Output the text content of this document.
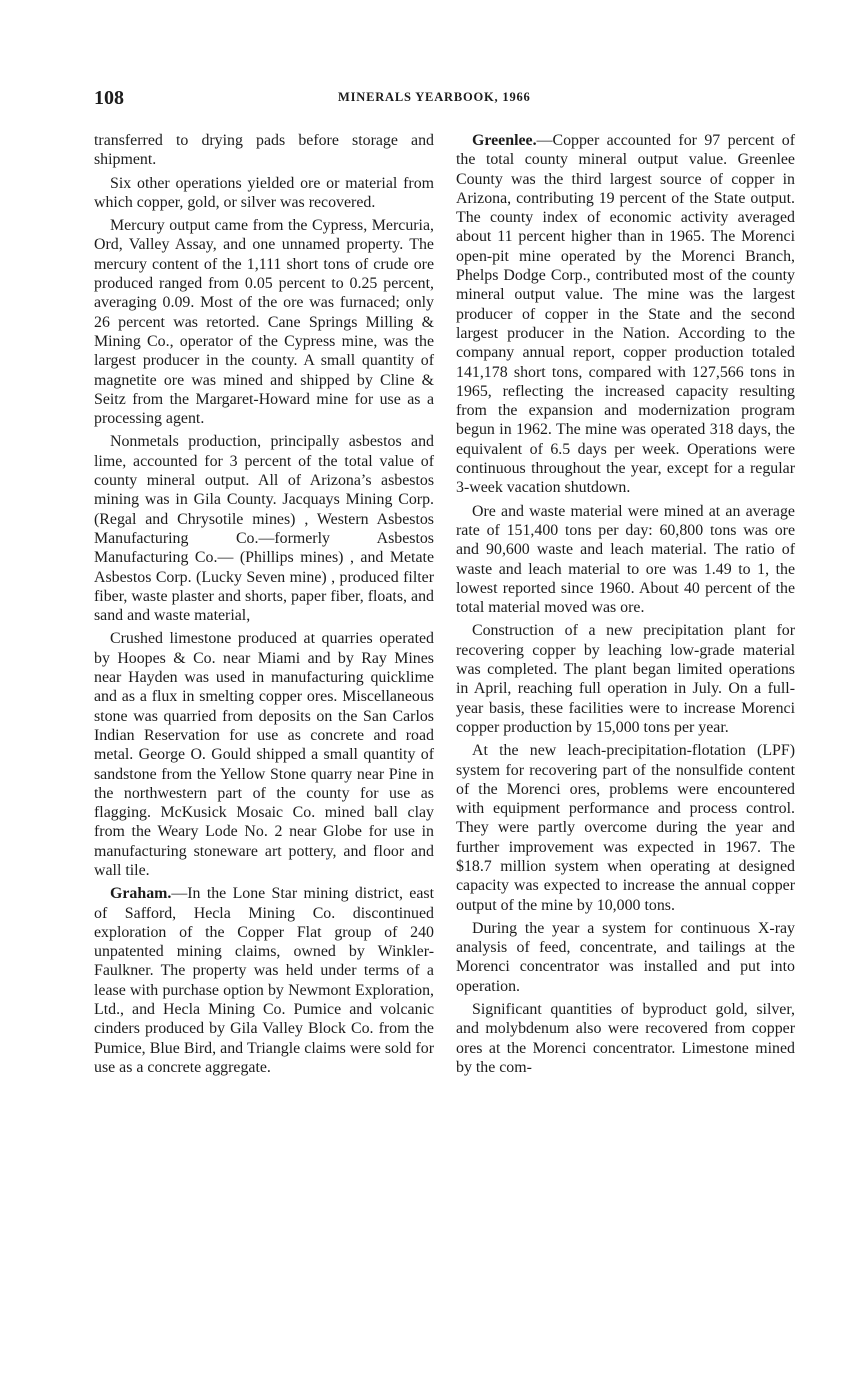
108	MINERALS YEARBOOK, 1966

transferred to drying pads before storage and shipment.

Six other operations yielded ore or material from which copper, gold, or silver was recovered.

Mercury output came from the Cypress, Mercuria, Ord, Valley Assay, and one unnamed property. The mercury content of the 1,111 short tons of crude ore produced ranged from 0.05 percent to 0.25 percent, averaging 0.09. Most of the ore was furnaced; only 26 percent was retorted. Cane Springs Milling & Mining Co., operator of the Cypress mine, was the largest producer in the county. A small quantity of magnetite ore was mined and shipped by Cline & Seitz from the Margaret-Howard mine for use as a processing agent.

Nonmetals production, principally asbestos and lime, accounted for 3 percent of the total value of county mineral output. All of Arizona’s asbestos mining was in Gila County. Jacquays Mining Corp. (Regal and Chrysotile mines) , Western Asbestos Manufacturing Co.—formerly Asbestos Manufacturing Co.— (Phillips mines) , and Metate Asbestos Corp. (Lucky Seven mine) , produced filter fiber, waste plaster and shorts, paper fiber, floats, and sand and waste material,

Crushed limestone produced at quarries operated by Hoopes & Co. near Miami and by Ray Mines near Hayden was used in manufacturing quicklime and as a flux in smelting copper ores. Miscellaneous stone was quarried from deposits on the San Carlos Indian Reservation for use as concrete and road metal. George O. Gould shipped a small quantity of sandstone from the Yellow Stone quarry near Pine in the northwestern part of the county for use as flagging. McKusick Mosaic Co. mined ball clay from the Weary Lode No. 2 near Globe for use in manufacturing stoneware art pottery, and floor and wall tile.

Graham.—In the Lone Star mining district, east of Safford, Hecla Mining Co. discontinued exploration of the Copper Flat group of 240 unpatented mining claims, owned by Winkler-Faulkner. The property was held under terms of a lease with purchase option by Newmont Exploration, Ltd., and Hecla Mining Co. Pumice and volcanic cinders produced by Gila Valley Block Co. from the Pumice, Blue Bird, and Triangle claims were sold for use as a concrete aggregate.

Greenlee.—Copper accounted for 97 percent of the total county mineral output value. Greenlee County was the third largest source of copper in Arizona, contributing 19 percent of the State output. The county index of economic activity averaged about 11 percent higher than in 1965. The Morenci open-pit mine operated by the Morenci Branch, Phelps Dodge Corp., contributed most of the county mineral output value. The mine was the largest producer of copper in the State and the second largest producer in the Nation. According to the company annual report, copper production totaled 141,178 short tons, compared with 127,566 tons in 1965, reflecting the increased capacity resulting from the expansion and modernization program begun in 1962. The mine was operated 318 days, the equivalent of 6.5 days per week. Operations were continuous throughout the year, except for a regular 3-week vacation shutdown.

Ore and waste material were mined at an average rate of 151,400 tons per day: 60,800 tons was ore and 90,600 waste and leach material. The ratio of waste and leach material to ore was 1.49 to 1, the lowest reported since 1960. About 40 percent of the total material moved was ore.

Construction of a new precipitation plant for recovering copper by leaching low-grade material was completed. The plant began limited operations in April, reaching full operation in July. On a full-year basis, these facilities were to increase Morenci copper production by 15,000 tons per year.

At the new leach-precipitation-flotation (LPF) system for recovering part of the nonsulfide content of the Morenci ores, problems were encountered with equipment performance and process control. They were partly overcome during the year and further improvement was expected in 1967. The $18.7 million system when operating at designed capacity was expected to increase the annual copper output of the mine by 10,000 tons.

During the year a system for continuous X-ray analysis of feed, concentrate, and tailings at the Morenci concentrator was installed and put into operation.

Significant quantities of byproduct gold, silver, and molybdenum also were recovered from copper ores at the Morenci concentrator. Limestone mined by the com-
